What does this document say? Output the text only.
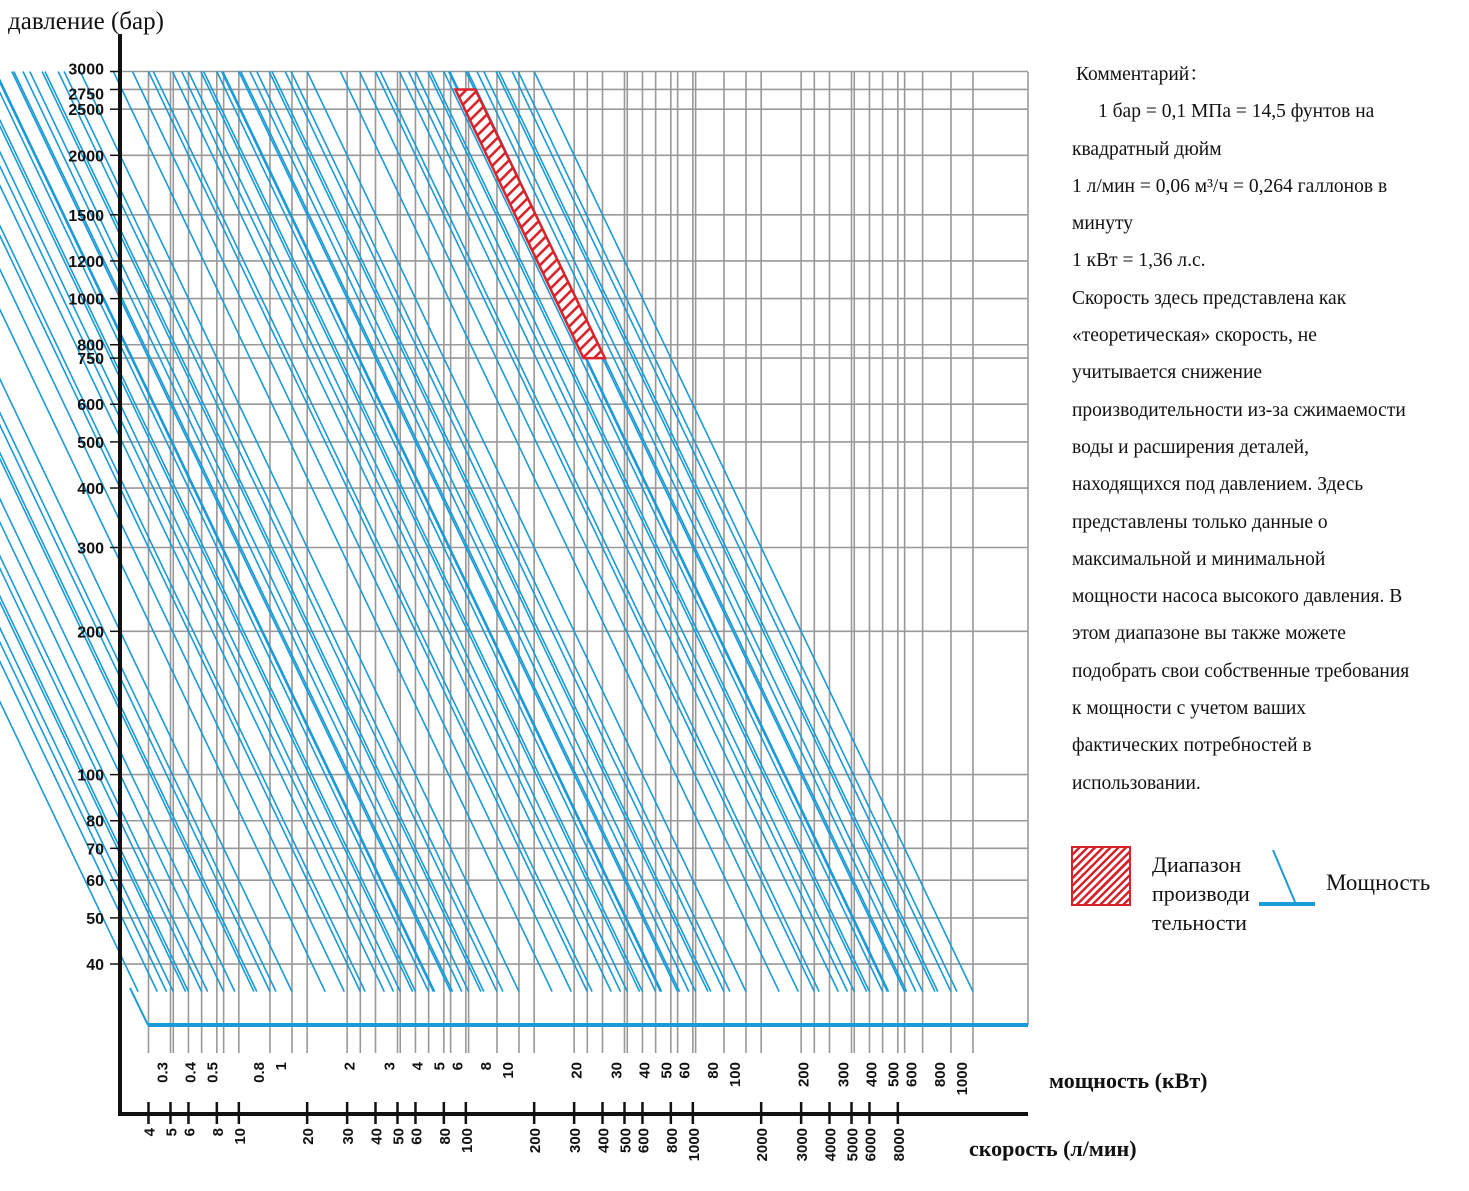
3000
2750
2500
2000
1500
1200
1000
800
750
600
500
400
300
200
100
80
70
60
50
40
4 5 6 8 10	20 30 40 50 60 80 100	200 300 400 500 600 800 1000	2000 3000 4000 5000 6000 8000
0.3 0.4 0.5 0.8 1	2 3 4 5 6 8 10	20 30 40 50 60 80 100	200 300 400 500 600 800 1000
давление (бар)
мощность (кВт)
скорость (л/мин)

Комментарий：

1 бар = 0,1 МПа = 14,5 фунтов на

квадратный дюйм

1 л/мин = 0,06 м³/ч = 0,264 галлонов в

минуту

1 кВт = 1,36 л.с.

Скорость здесь представлена как

«теоретическая» скорость, не

учитывается снижение

производительности из-за сжимаемости

воды и расширения деталей,

находящихся под давлением. Здесь

представлены только данные о

максимальной и минимальной

мощности насоса высокого давления. В

этом диапазоне вы также можете

подобрать свои собственные требования

к мощности с учетом ваших

фактических потребностей в

использовании.

Диапазон
производи
тельности
Мощность
